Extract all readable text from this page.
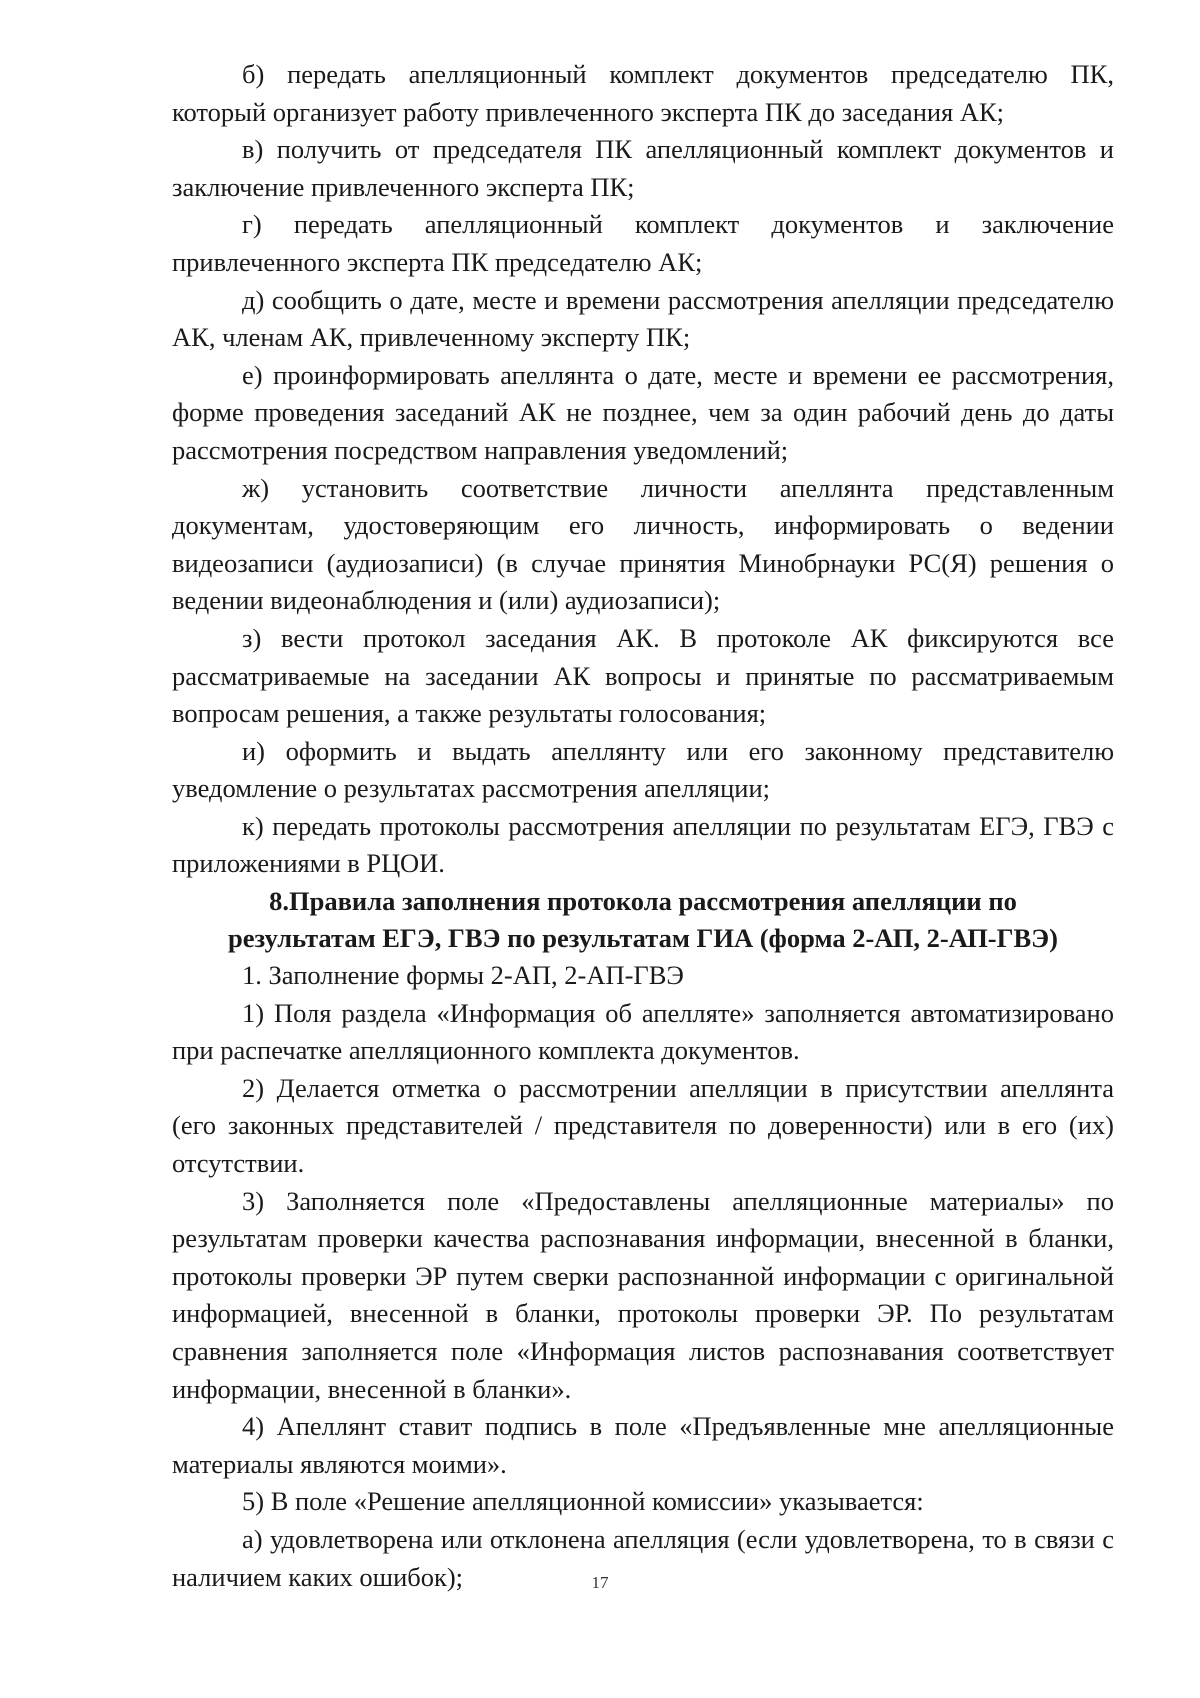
б) передать апелляционный комплект документов председателю ПК, который организует работу привлеченного эксперта ПК до заседания АК;

в) получить от председателя ПК апелляционный комплект документов и заключение привлеченного эксперта ПК;

г) передать апелляционный комплект документов и заключение привлеченного эксперта ПК председателю АК;

д) сообщить о дате, месте и времени рассмотрения апелляции председателю АК, членам АК, привлеченному эксперту ПК;

е) проинформировать апеллянта о дате, месте и времени ее рассмотрения, форме проведения заседаний АК не позднее, чем за один рабочий день до даты рассмотрения посредством направления уведомлений;

ж) установить соответствие личности апеллянта представленным документам, удостоверяющим его личность, информировать о ведении видеозаписи (аудиозаписи) (в случае принятия Минобрнауки РС(Я) решения о ведении видеонаблюдения и (или) аудиозаписи);

з) вести протокол заседания АК. В протоколе АК фиксируются все рассматриваемые на заседании АК вопросы и принятые по рассматриваемым вопросам решения, а также результаты голосования;

и) оформить и выдать апеллянту или его законному представителю уведомление о результатах рассмотрения апелляции;

к) передать протоколы рассмотрения апелляции по результатам ЕГЭ, ГВЭ с приложениями в РЦОИ.

8.Правила заполнения протокола рассмотрения апелляции по
результатам ЕГЭ, ГВЭ по результатам ГИА (форма 2-АП, 2-АП-ГВЭ)

1. Заполнение формы 2-АП, 2-АП-ГВЭ

1) Поля раздела «Информация об апелляте» заполняется автоматизировано при распечатке апелляционного комплекта документов.

2) Делается отметка о рассмотрении апелляции в присутствии апеллянта (его законных представителей / представителя по доверенности) или в его (их) отсутствии.

3) Заполняется поле «Предоставлены апелляционные материалы» по результатам проверки качества распознавания информации, внесенной в бланки, протоколы проверки ЭР путем сверки распознанной информации с оригинальной информацией, внесенной в бланки, протоколы проверки ЭР. По результатам сравнения заполняется поле «Информация листов распознавания соответствует информации, внесенной в бланки».

4) Апеллянт ставит подпись в поле «Предъявленные мне апелляционные материалы являются моими».

5) В поле «Решение апелляционной комиссии» указывается:

а) удовлетворена или отклонена апелляция (если удовлетворена, то в связи с наличием каких ошибок);	17
